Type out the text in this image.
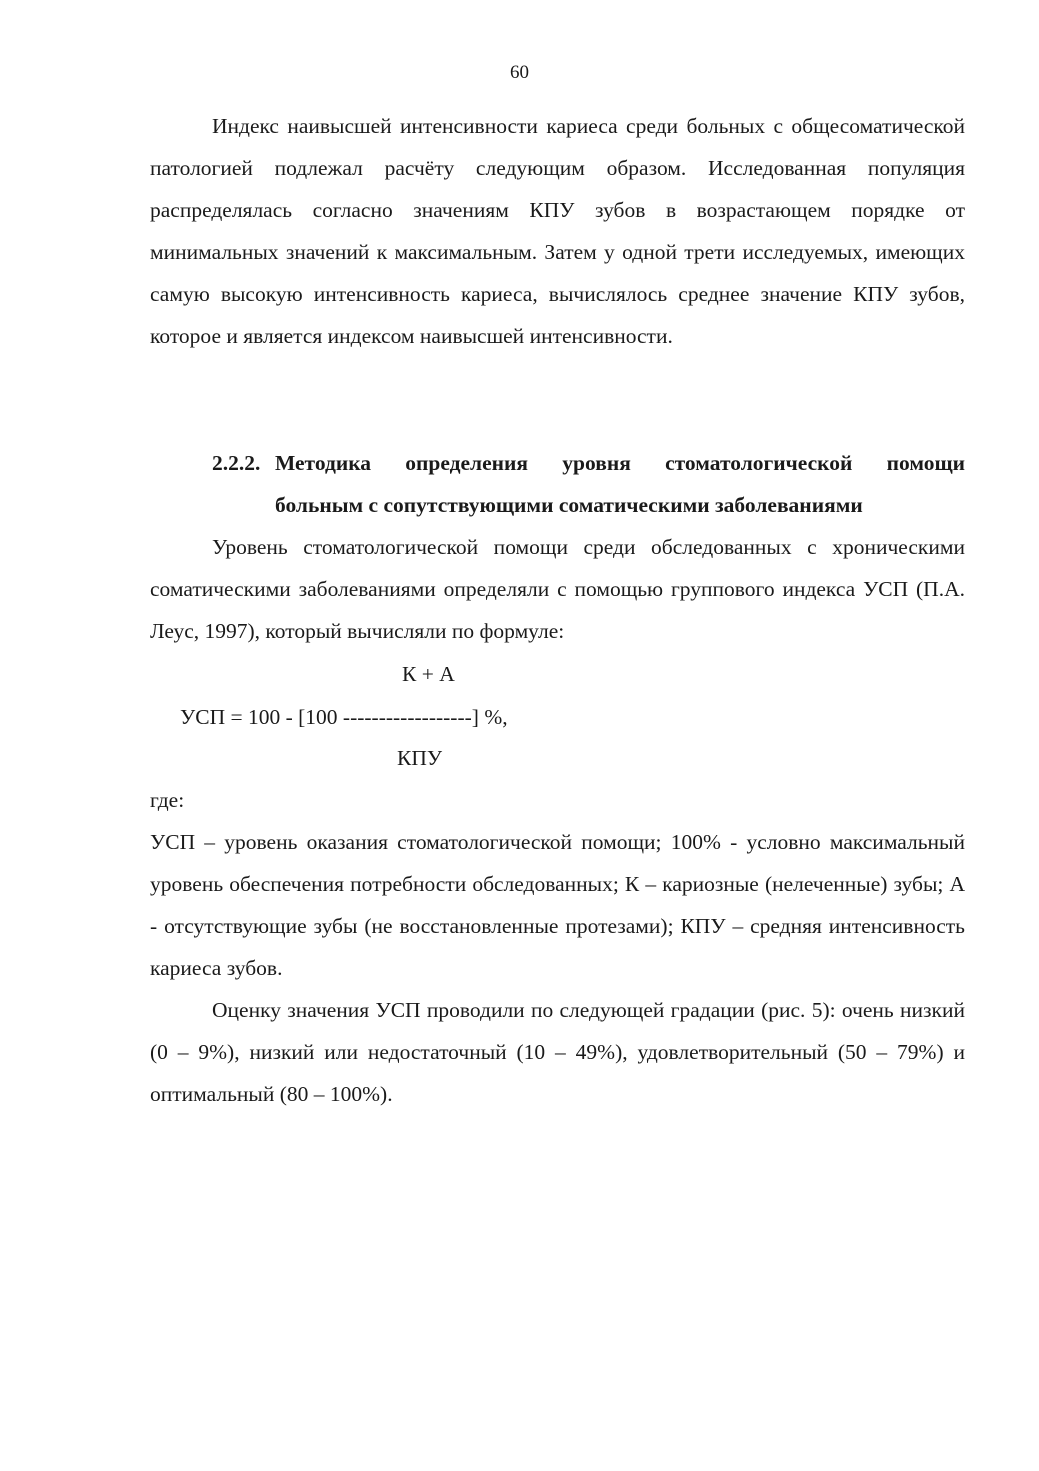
60

Индекс наивысшей интенсивности кариеса среди больных с общесоматической патологией подлежал расчёту следующим образом. Исследованная популяция распределялась согласно значениям КПУ зубов в возрастающем порядке от минимальных значений к максимальным. Затем у одной трети исследуемых, имеющих самую высокую интенсивность кариеса, вычислялось среднее значение КПУ зубов, которое и является индексом наивысшей интенсивности.

2.2.2. Методика определения уровня стоматологической помощи
больным с сопутствующими соматическими заболеваниями

Уровень стоматологической помощи среди обследованных с хроническими соматическими заболеваниями определяли с помощью группового индекса УСП (П.А. Леус, 1997), который вычисляли по формуле:

К + А
УСП = 100 - [100 ------------------] %,
КПУ

где:

УСП – уровень оказания стоматологической помощи; 100% - условно максимальный уровень обеспечения потребности обследованных; К – кариозные (нелеченные) зубы; А - отсутствующие зубы (не восстановленные протезами); КПУ – средняя интенсивность кариеса зубов.

Оценку значения УСП проводили по следующей градации (рис. 5): очень низкий (0 – 9%), низкий или недостаточный (10 – 49%), удовлетворительный (50 – 79%) и оптимальный (80 – 100%).
